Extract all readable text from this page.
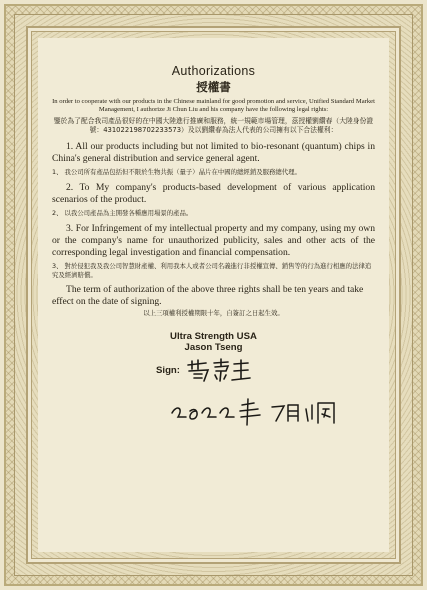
Authorizations

授權書

In order to cooperate with our products in the Chinese mainland for good promotion and service, Unified Standard Market Management, I authorize Ji Chun Liu and his company have the following legal rights:

鑒於為了配合我司產品很好的在中國大陸進行推廣和服務，統一規範市場管理，茲授權劉纘春（大陸身份證號：431022198702233573）及以劉纘春為法人代表的公司擁有以下合法權利：

1. All our products including but not limited to bio-resonant (quantum) chips in China's general distribution and service general agent.

1、 我公司所有產品包括但不限於生物共振（量子）晶片在中國的總經銷及服務總代理。

2. To My company's products-based development of various application scenarios of the product.

2、 以我公司產品為主開發各種應用場景的產品。

3. For Infringement of my intellectual property and my company, using my own or the company's name for unauthorized publicity, sales and other acts of the corresponding legal investigation and financial compensation.

3、 對於侵犯我及我公司智慧財產權、利用我本人或者公司名義進行非授權宣傳、銷售等的行為進行相應的法律追究及經濟賠償。

The term of authorization of the above three rights shall be ten years and take effect on the date of signing.

以上三項權利授權期限十年，自簽訂之日起生效。

Ultra Strength USA
Jason Tseng

Sign:
